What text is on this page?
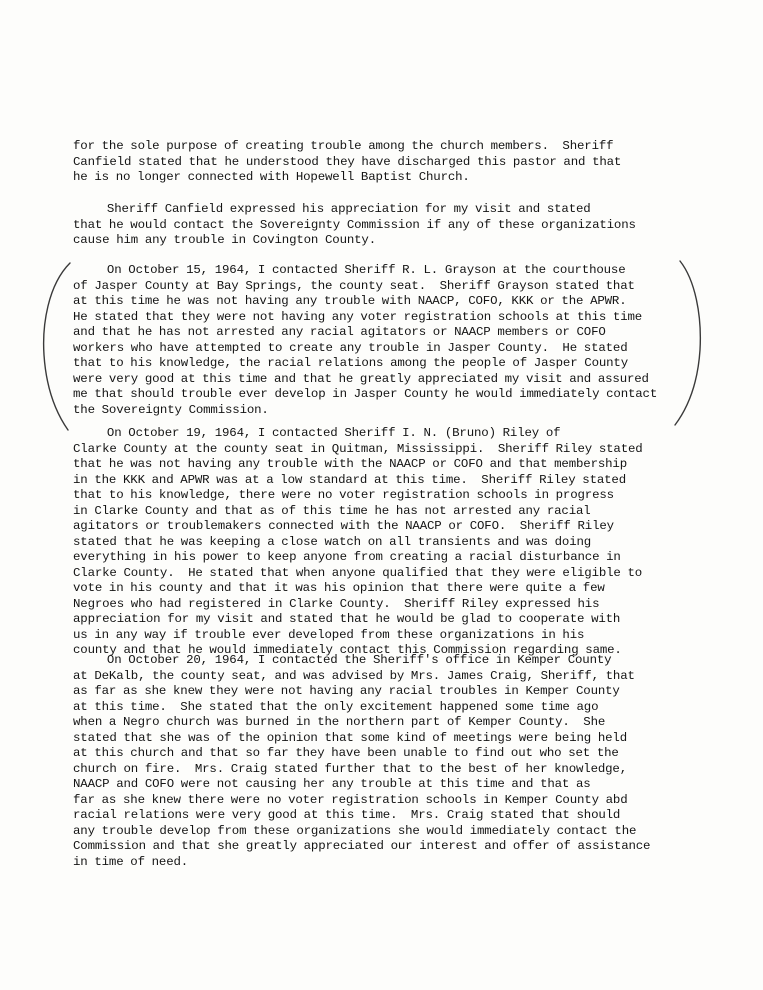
for the sole purpose of creating trouble among the church members.  Sheriff
Canfield stated that he understood they have discharged this pastor and that
he is no longer connected with Hopewell Baptist Church.
Sheriff Canfield expressed his appreciation for my visit and stated
that he would contact the Sovereignty Commission if any of these organizations
cause him any trouble in Covington County.
On October 15, 1964, I contacted Sheriff R. L. Grayson at the courthouse
of Jasper County at Bay Springs, the county seat.  Sheriff Grayson stated that
at this time he was not having any trouble with NAACP, COFO, KKK or the APWR.
He stated that they were not having any voter registration schools at this time
and that he has not arrested any racial agitators or NAACP members or COFO
workers who have attempted to create any trouble in Jasper County.  He stated
that to his knowledge, the racial relations among the people of Jasper County
were very good at this time and that he greatly appreciated my visit and assured
me that should trouble ever develop in Jasper County he would immediately contact
the Sovereignty Commission.
On October 19, 1964, I contacted Sheriff I. N. (Bruno) Riley of
Clarke County at the county seat in Quitman, Mississippi.  Sheriff Riley stated
that he was not having any trouble with the NAACP or COFO and that membership
in the KKK and APWR was at a low standard at this time.  Sheriff Riley stated
that to his knowledge, there were no voter registration schools in progress
in Clarke County and that as of this time he has not arrested any racial
agitators or troublemakers connected with the NAACP or COFO.  Sheriff Riley
stated that he was keeping a close watch on all transients and was doing
everything in his power to keep anyone from creating a racial disturbance in
Clarke County.  He stated that when anyone qualified that they were eligible to
vote in his county and that it was his opinion that there were quite a few
Negroes who had registered in Clarke County.  Sheriff Riley expressed his
appreciation for my visit and stated that he would be glad to cooperate with
us in any way if trouble ever developed from these organizations in his
county and that he would immediately contact this Commission regarding same.
On October 20, 1964, I contacted the Sheriff's office in Kemper County
at DeKalb, the county seat, and was advised by Mrs. James Craig, Sheriff, that
as far as she knew they were not having any racial troubles in Kemper County
at this time.  She stated that the only excitement happened some time ago
when a Negro church was burned in the northern part of Kemper County.  She
stated that she was of the opinion that some kind of meetings were being held
at this church and that so far they have been unable to find out who set the
church on fire.  Mrs. Craig stated further that to the best of her knowledge,
NAACP and COFO were not causing her any trouble at this time and that as
far as she knew there were no voter registration schools in Kemper County abd
racial relations were very good at this time.  Mrs. Craig stated that should
any trouble develop from these organizations she would immediately contact the
Commission and that she greatly appreciated our interest and offer of assistance
in time of need.
